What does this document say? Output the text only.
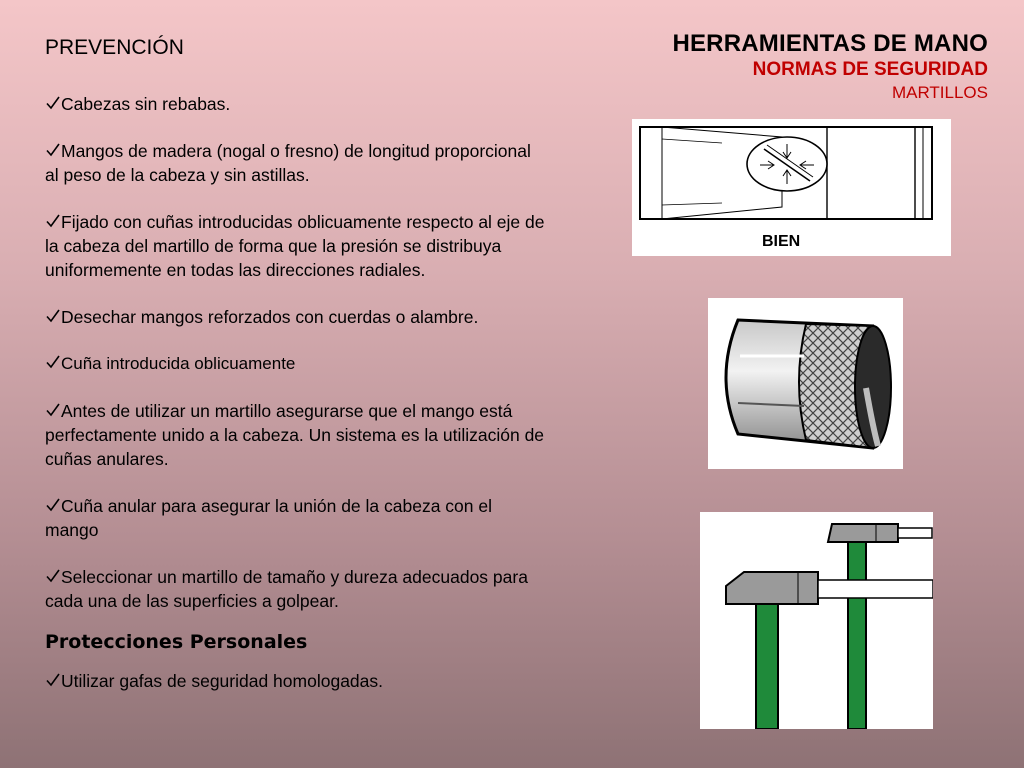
HERRAMIENTAS DE MANO
NORMAS DE SEGURIDAD
MARTILLOS
PREVENCIÓN
Cabezas sin rebabas.
Mangos de madera (nogal o fresno) de longitud proporcional al peso de la cabeza y sin astillas.
Fijado con cuñas introducidas oblicuamente respecto al eje de la cabeza del martillo de forma que la presión se distribuya uniformemente en todas las direcciones radiales.
Desechar mangos reforzados con cuerdas o alambre.
Cuña introducida oblicuamente
Antes de utilizar un martillo asegurarse que el mango está perfectamente unido a la cabeza. Un sistema es la utilización de cuñas anulares.
Cuña anular para asegurar la unión de la cabeza con el mango
Seleccionar un martillo de tamaño y dureza adecuados para cada una de las superficies a golpear.
Protecciones Personales
Utilizar gafas de seguridad homologadas.
BIEN
